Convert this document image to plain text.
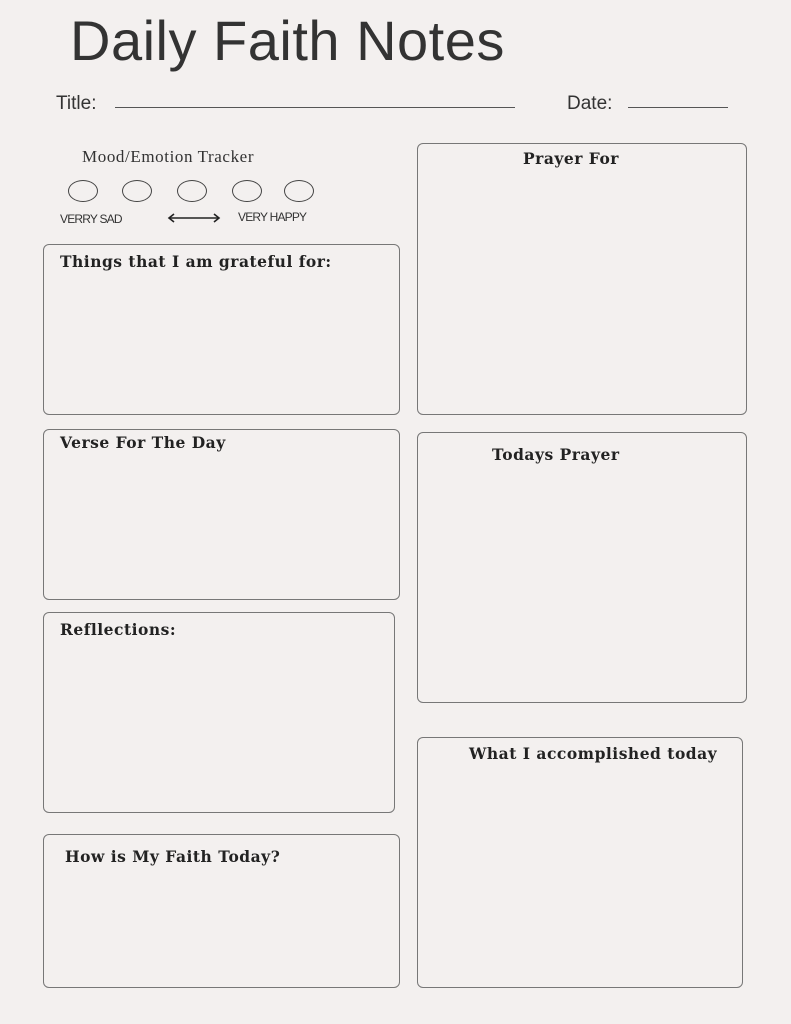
Daily Faith Notes
Title:	Date:
Mood/Emotion Tracker
VERRY SAD	VERY HAPPY
Things that I am grateful for:
Verse For The Day
Refllections:
How is My Faith Today?
Prayer For
Todays Prayer
What I accomplished today
